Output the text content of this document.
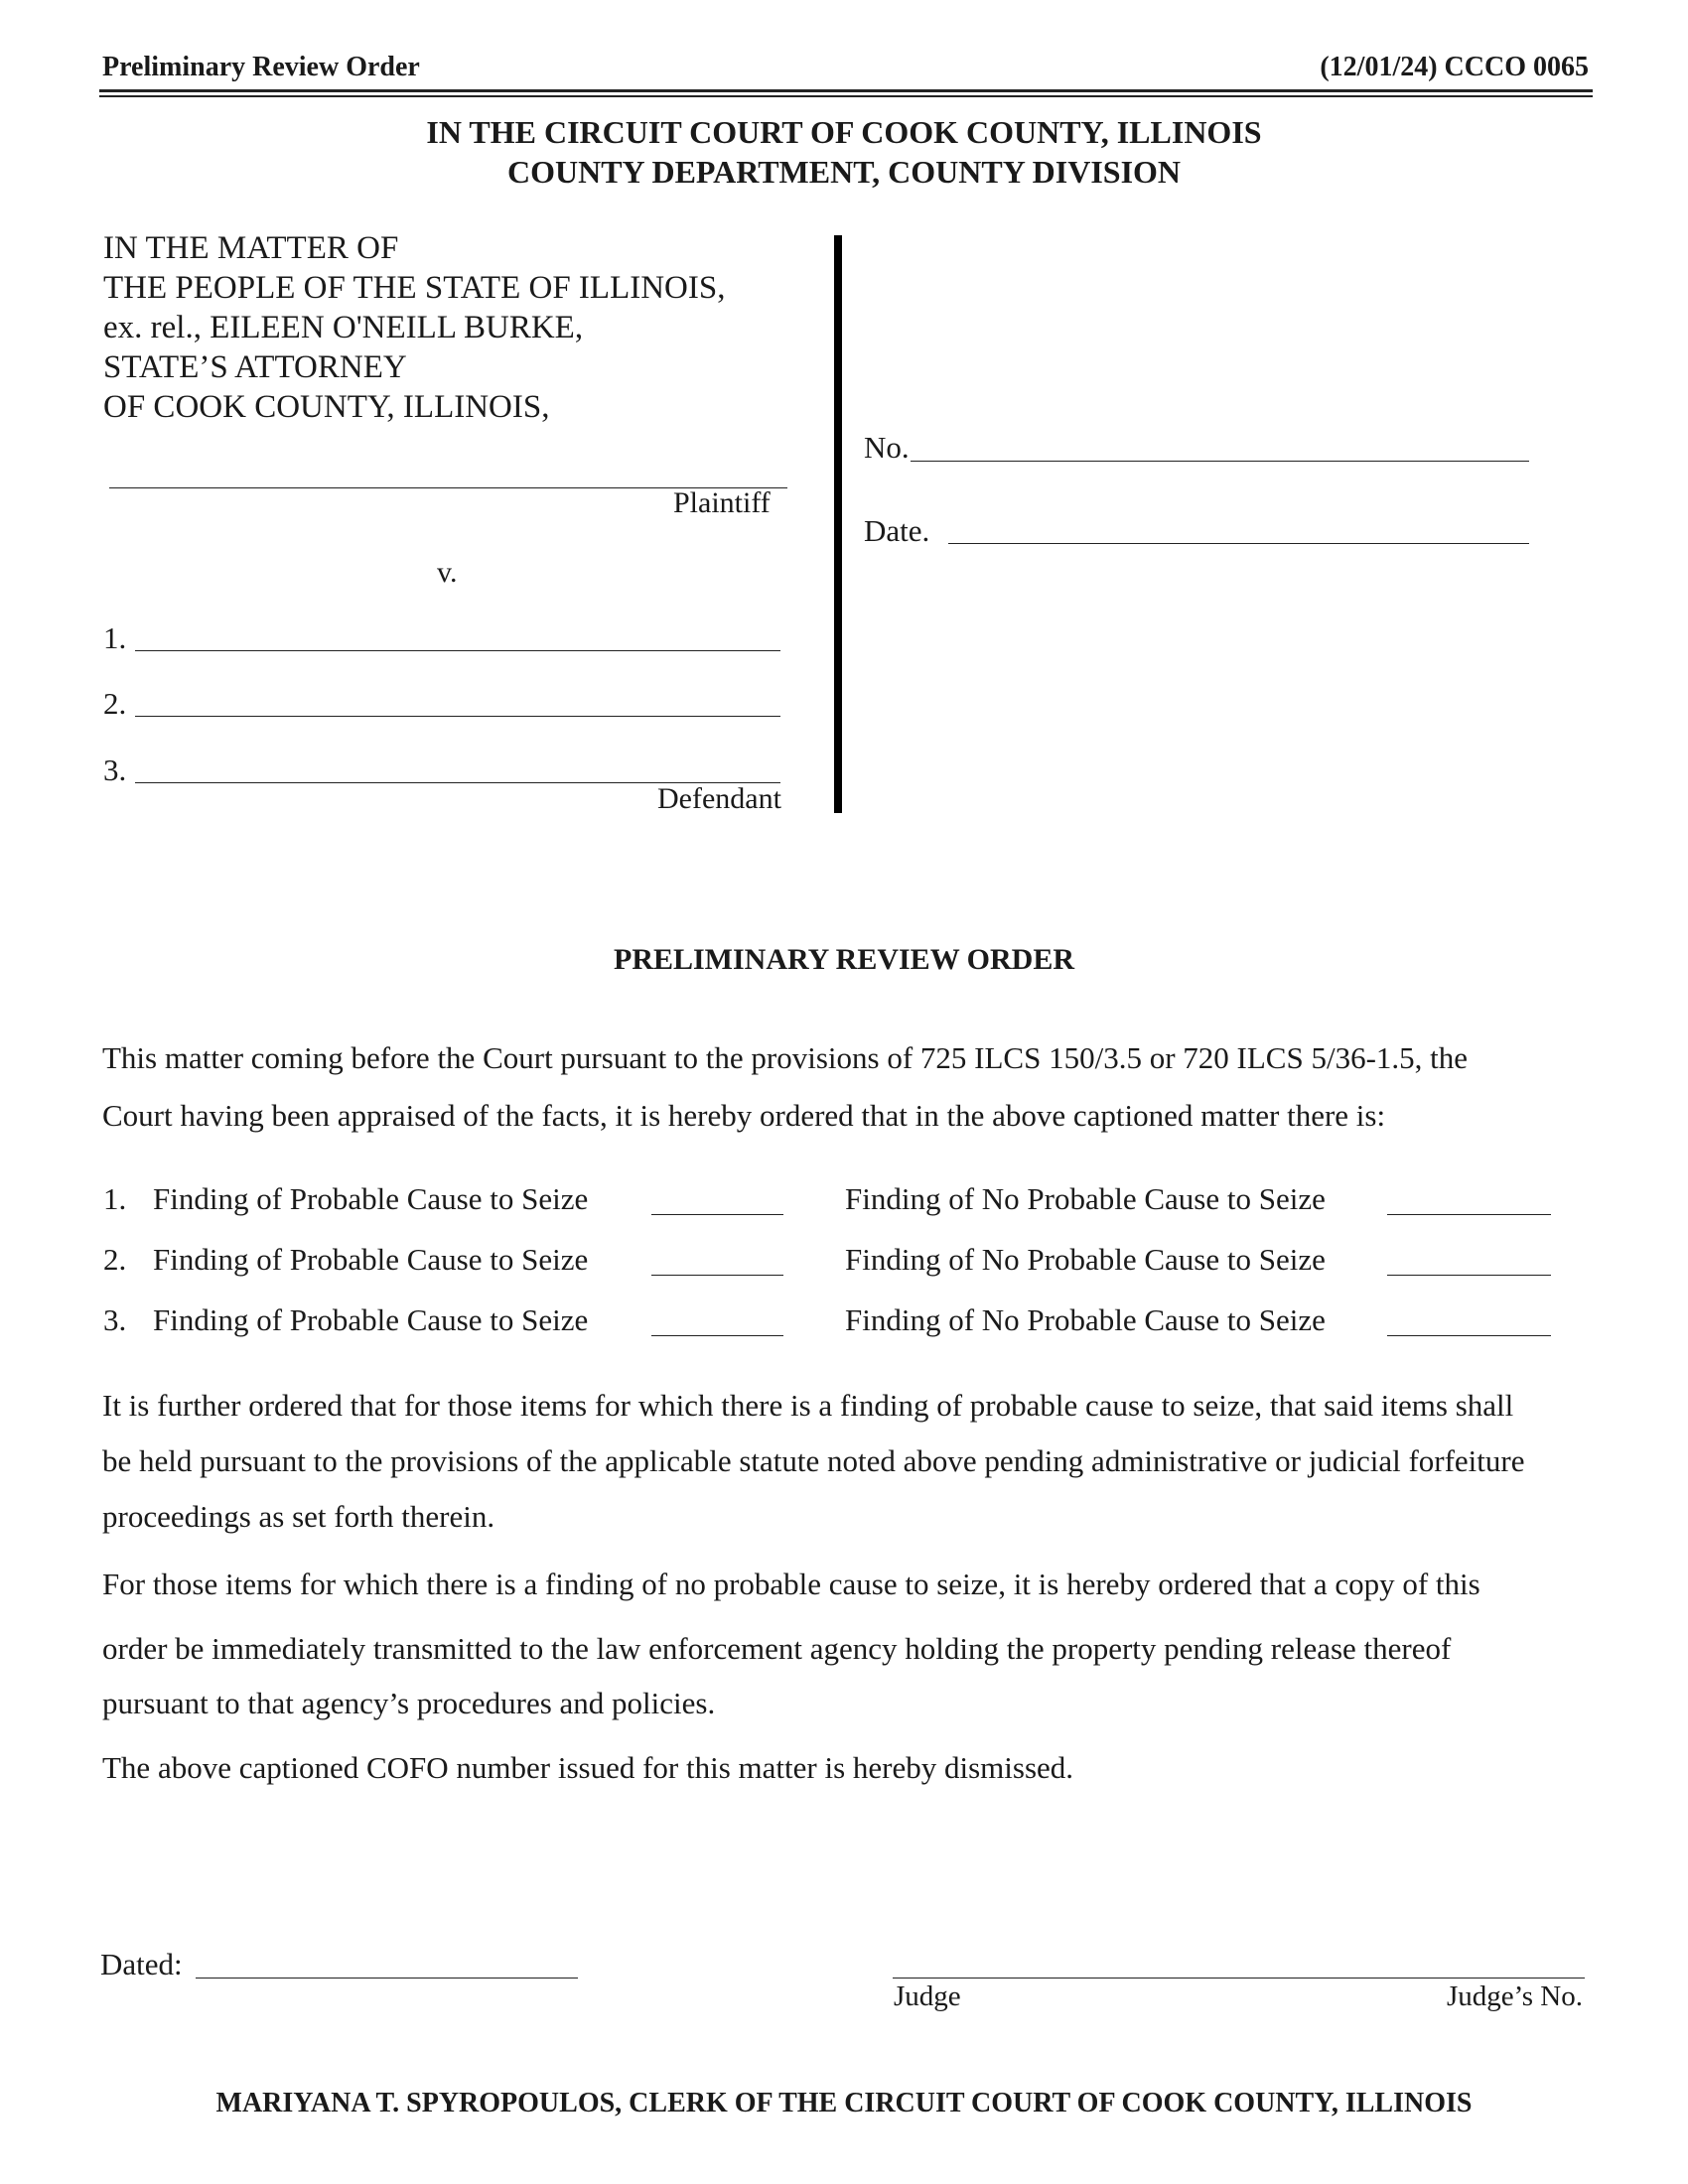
Preliminary Review Order	(12/01/24) CCCO 0065
IN THE CIRCUIT COURT OF COOK COUNTY, ILLINOIS
COUNTY DEPARTMENT, COUNTY DIVISION
IN THE MATTER OF
THE PEOPLE OF THE STATE OF ILLINOIS,
ex. rel., EILEEN O'NEILL BURKE,
STATE’S ATTORNEY
OF COOK COUNTY, ILLINOIS,
Plaintiff
v.
1.
2.
3.
Defendant
No.
Date.
PRELIMINARY REVIEW ORDER
This matter coming before the Court pursuant to the provisions of 725 ILCS 150/3.5 or 720 ILCS 5/36-1.5, the
Court having been appraised of the facts, it is hereby ordered that in the above captioned matter there is:
1. Finding of Probable Cause to Seize	Finding of No Probable Cause to Seize
2. Finding of Probable Cause to Seize	Finding of No Probable Cause to Seize
3. Finding of Probable Cause to Seize	Finding of No Probable Cause to Seize
It is further ordered that for those items for which there is a finding of probable cause to seize, that said items shall
be held pursuant to the provisions of the applicable statute noted above pending administrative or judicial forfeiture
proceedings as set forth therein.
For those items for which there is a finding of no probable cause to seize, it is hereby ordered that a copy of this
order be immediately transmitted to the law enforcement agency holding the property pending release thereof
pursuant to that agency’s procedures and policies.
The above captioned COFO number issued for this matter is hereby dismissed.
Dated:
Judge	Judge’s No.
MARIYANA T. SPYROPOULOS, CLERK OF THE CIRCUIT COURT OF COOK COUNTY, ILLINOIS
